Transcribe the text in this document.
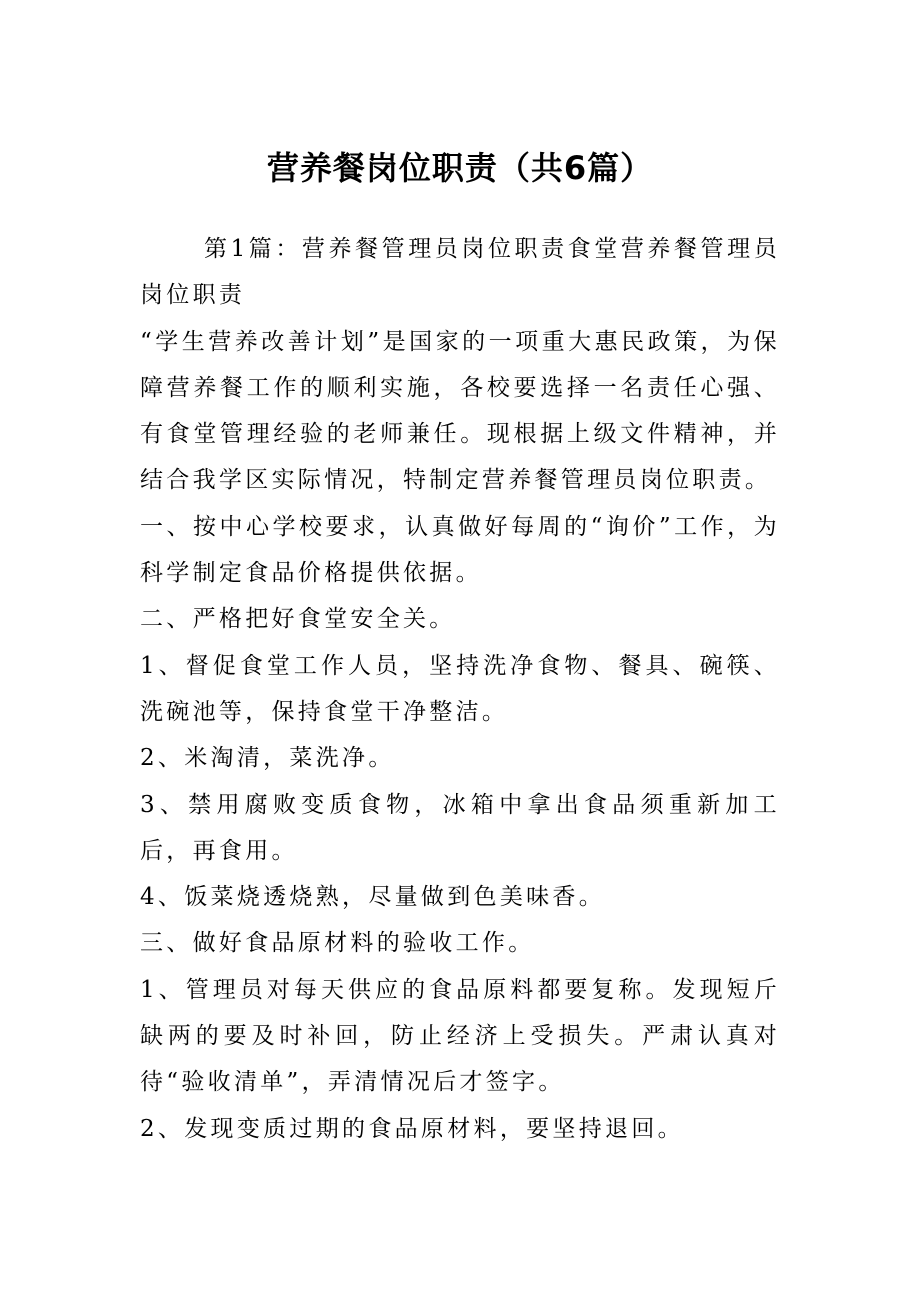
营养餐岗位职责（共6篇）

第1篇：营养餐管理员岗位职责食堂营养餐管理员岗位职责

“学生营养改善计划”是国家的一项重大惠民政策，为保障营养餐工作的顺利实施，各校要选择一名责任心强、有食堂管理经验的老师兼任。现根据上级文件精神，并结合我学区实际情况，特制定营养餐管理员岗位职责。

一、按中心学校要求，认真做好每周的“询价”工作，为科学制定食品价格提供依据。

二、严格把好食堂安全关。

1、督促食堂工作人员，坚持洗净食物、餐具、碗筷、洗碗池等，保持食堂干净整洁。

2、米淘清，菜洗净。

3、禁用腐败变质食物，冰箱中拿出食品须重新加工后，再食用。

4、饭菜烧透烧熟，尽量做到色美味香。

三、做好食品原材料的验收工作。

1、管理员对每天供应的食品原料都要复称。发现短斤缺两的要及时补回，防止经济上受损失。严肃认真对待“验收清单”，弄清情况后才签字。

2、发现变质过期的食品原材料，要坚持退回。
